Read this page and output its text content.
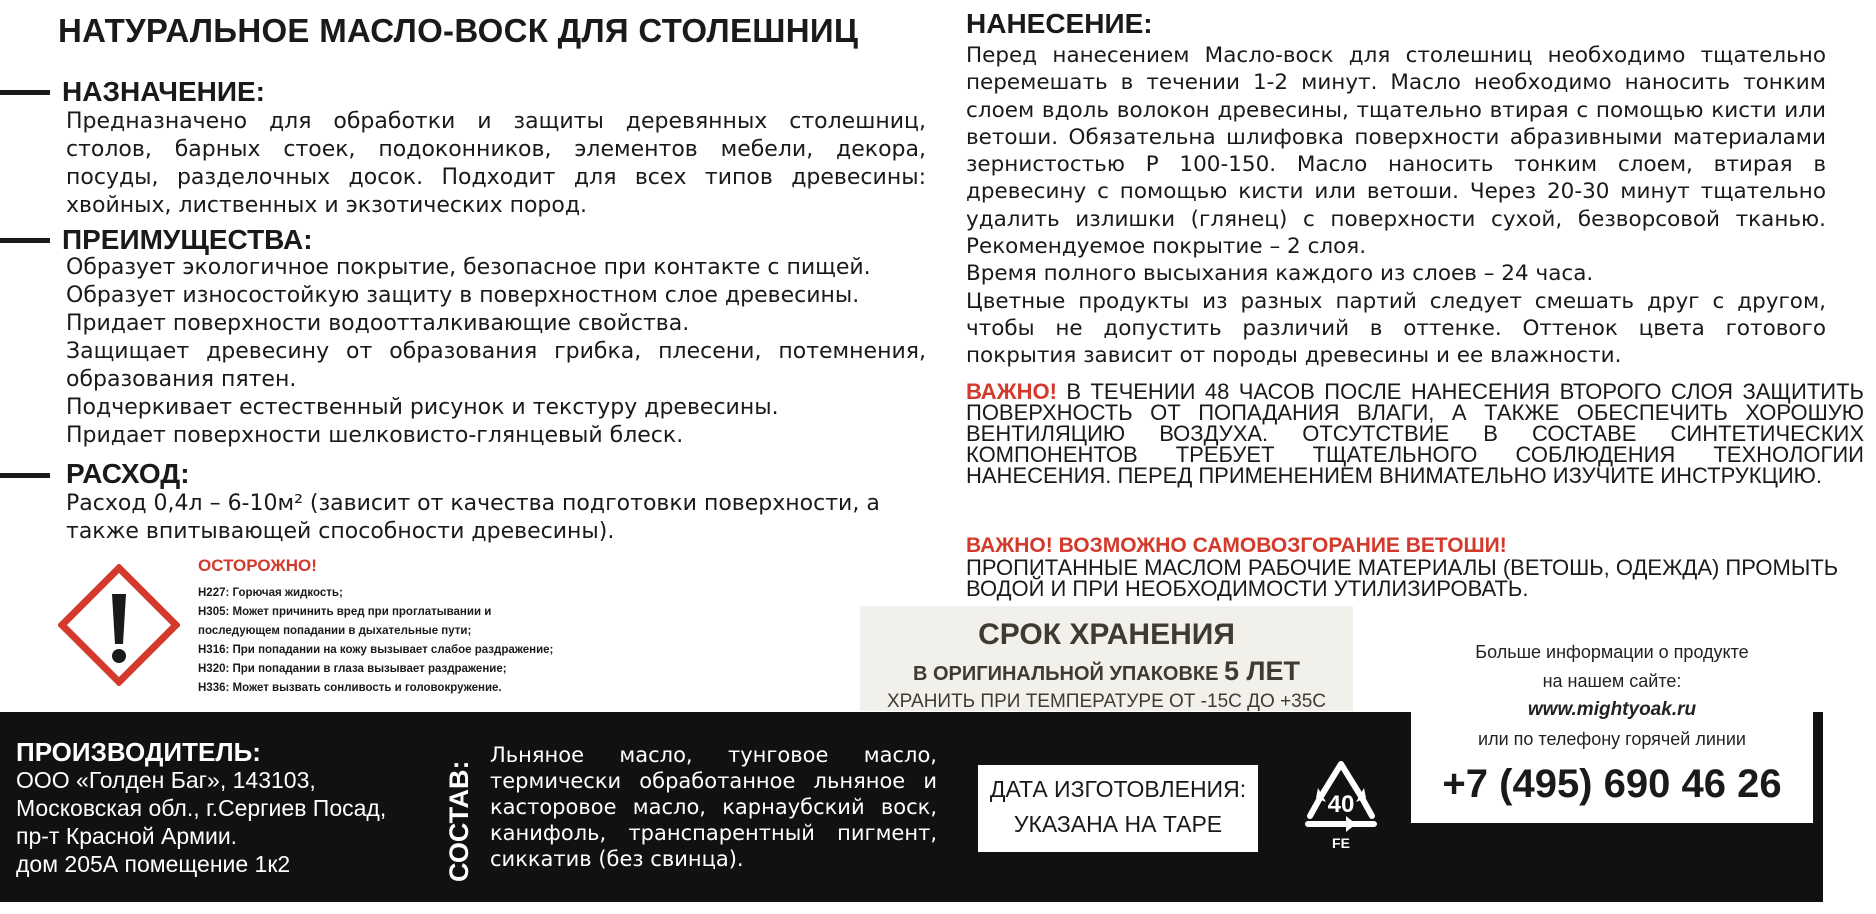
НАТУРАЛЬНОЕ МАСЛО-ВОСК ДЛЯ СТОЛЕШНИЦ
НАЗНАЧЕНИЕ:

Предназначено для обработки и защиты деревянных столешниц, столов, барных стоек, подоконников, элементов мебели, декора, посуды, разделочных досок. Подходит для всех типов древесины: хвойных, лиственных и экзотических пород.

ПРЕИМУЩЕСТВА:

Образует экологичное покрытие, безопасное при контакте с пищей.

Образует износостойкую защиту в поверхностном слое древесины.

Придает поверхности водоотталкивающие свойства.

Защищает древесину от образования грибка, плесени, потемнения, образования пятен.

Подчеркивает естественный рисунок и текстуру древесины.

Придает поверхности шелковисто-глянцевый блеск.

РАСХОД:

Расход 0,4л – 6-10м² (зависит от качества подготовки поверхности, а также впитывающей способности древесины).

ОСТОРОЖНО!
H227: Горючая жидкость;
H305: Может причинить вред при проглатывании и
последующем попадании в дыхательные пути;
H316: При попадании на кожу вызывает слабое раздражение;
H320: При попадании в глаза вызывает раздражение;
H336: Может вызвать сонливость и головокружение.
НАНЕСЕНИЕ:

Перед нанесением Масло-воск для столешниц необходимо тщательно перемешать в течении 1-2 минут. Масло необходимо наносить тонким слоем вдоль волокон древесины, тщательно втирая с помощью кисти или ветоши. Обязательна шлифовка поверхности абразивными материалами зернистостью Р 100-150. Масло наносить тонким слоем, втирая в древесину с помощью кисти или ветоши. Через 20-30 минут тщательно удалить излишки (глянец) с поверхности сухой, безворсовой тканью. Рекомендуемое покрытие – 2 слоя.

Время полного высыхания каждого из слоев – 24 часа.

Цветные продукты из разных партий следует смешать друг с другом, чтобы не допустить различий в оттенке. Оттенок цвета готового покрытия зависит от породы древесины и ее влажности.

ВАЖНО! В ТЕЧЕНИИ 48 ЧАСОВ ПОСЛЕ НАНЕСЕНИЯ ВТОРОГО СЛОЯ ЗАЩИТИТЬ ПОВЕРХНОСТЬ ОТ ПОПАДАНИЯ ВЛАГИ, А ТАКЖЕ ОБЕСПЕЧИТЬ ХОРОШУЮ ВЕНТИЛЯЦИЮ ВОЗДУХА. ОТСУТСТВИЕ В СОСТАВЕ СИНТЕТИЧЕСКИХ КОМПОНЕНТОВ ТРЕБУЕТ ТЩАТЕЛЬНОГО СОБЛЮДЕНИЯ ТЕХНОЛОГИИ НАНЕСЕНИЯ. ПЕРЕД ПРИМЕНЕНИЕМ ВНИМАТЕЛЬНО ИЗУЧИТЕ ИНСТРУКЦИЮ.
ВАЖНО! ВОЗМОЖНО САМОВОЗГОРАНИЕ ВЕТОШИ!
ПРОПИТАННЫЕ МАСЛОМ РАБОЧИЕ МАТЕРИАЛЫ (ВЕТОШЬ, ОДЕЖДА) ПРОМЫТЬ ВОДОЙ И ПРИ НЕОБХОДИМОСТИ УТИЛИЗИРОВАТЬ.
СРОК ХРАНЕНИЯ
В ОРИГИНАЛЬНОЙ УПАКОВКЕ 5 ЛЕТ
ХРАНИТЬ ПРИ ТЕМПЕРАТУРЕ ОТ -15С ДО +35С
ПРОИЗВОДИТЕЛЬ:
ООО «Голден Баг», 143103,
Московская обл., г.Сергиев Посад,
пр-т Красной Армии.
дом 205А помещение 1к2	СОСТАВ:
Льняное масло, тунговое масло, термически обработанное льняное и касторовое масло, карнаубский воск, канифоль, транспарентный пигмент, сиккатив (без свинца).
ДАТА ИЗГОТОВЛЕНИЯ:
УКАЗАНА НА ТАРЕ
40
FE
Больше информации о продукте
на нашем сайте:
www.mightyoak.ru
или по телефону горячей линии
+7 (495) 690 46 26
